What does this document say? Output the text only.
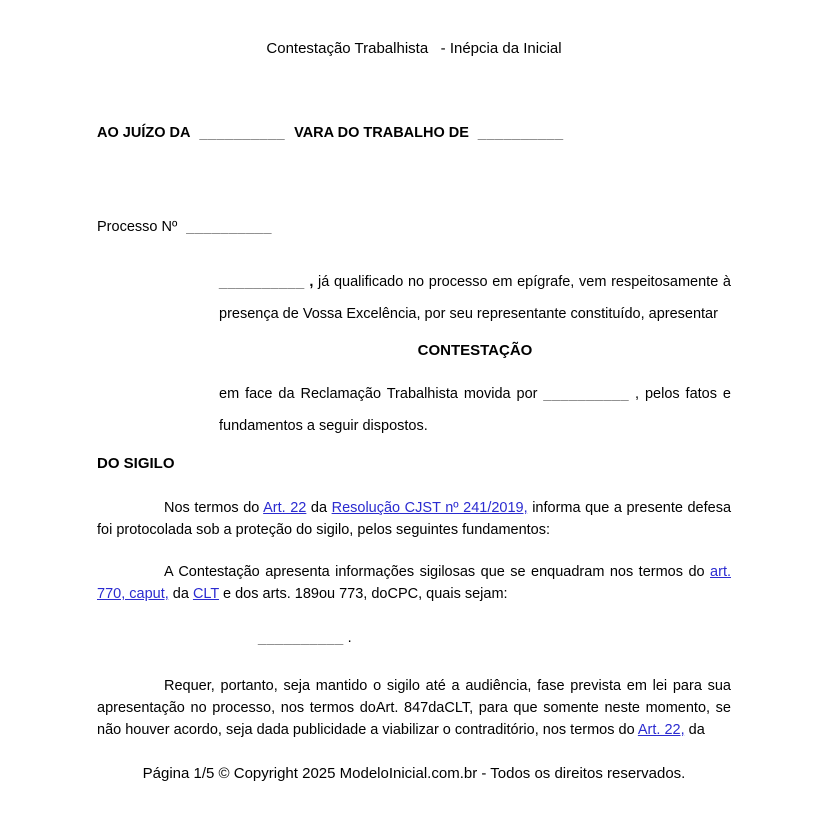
Contestação Trabalhista   - Inépcia da Inicial
AO JUÍZO DA __________ VARA DO TRABALHO DE __________
Processo Nº __________

__________ , já qualificado no processo em epígrafe, vem respeitosamente à presença de Vossa Excelência, por seu representante constituído, apresentar

CONTESTAÇÃO

em face da Reclamação Trabalhista movida por __________ , pelos fatos e fundamentos a seguir dispostos.

DO SIGILO

Nos termos do Art. 22 da Resolução CJST nº 241/2019, informa que a presente defesa foi protocolada sob a proteção do sigilo, pelos seguintes fundamentos:

A Contestação apresenta informações sigilosas que se enquadram nos termos do art. 770, caput, da CLT e dos arts. 189ou 773, doCPC, quais sejam:

__________ .

Requer, portanto, seja mantido o sigilo até a audiência, fase prevista em lei para sua apresentação no processo, nos termos doArt. 847daCLT, para que somente neste momento, se não houver acordo, seja dada publicidade a viabilizar o contraditório, nos termos do Art. 22, da

Página 1/5 © Copyright 2025 ModeloInicial.com.br - Todos os direitos reservados.
